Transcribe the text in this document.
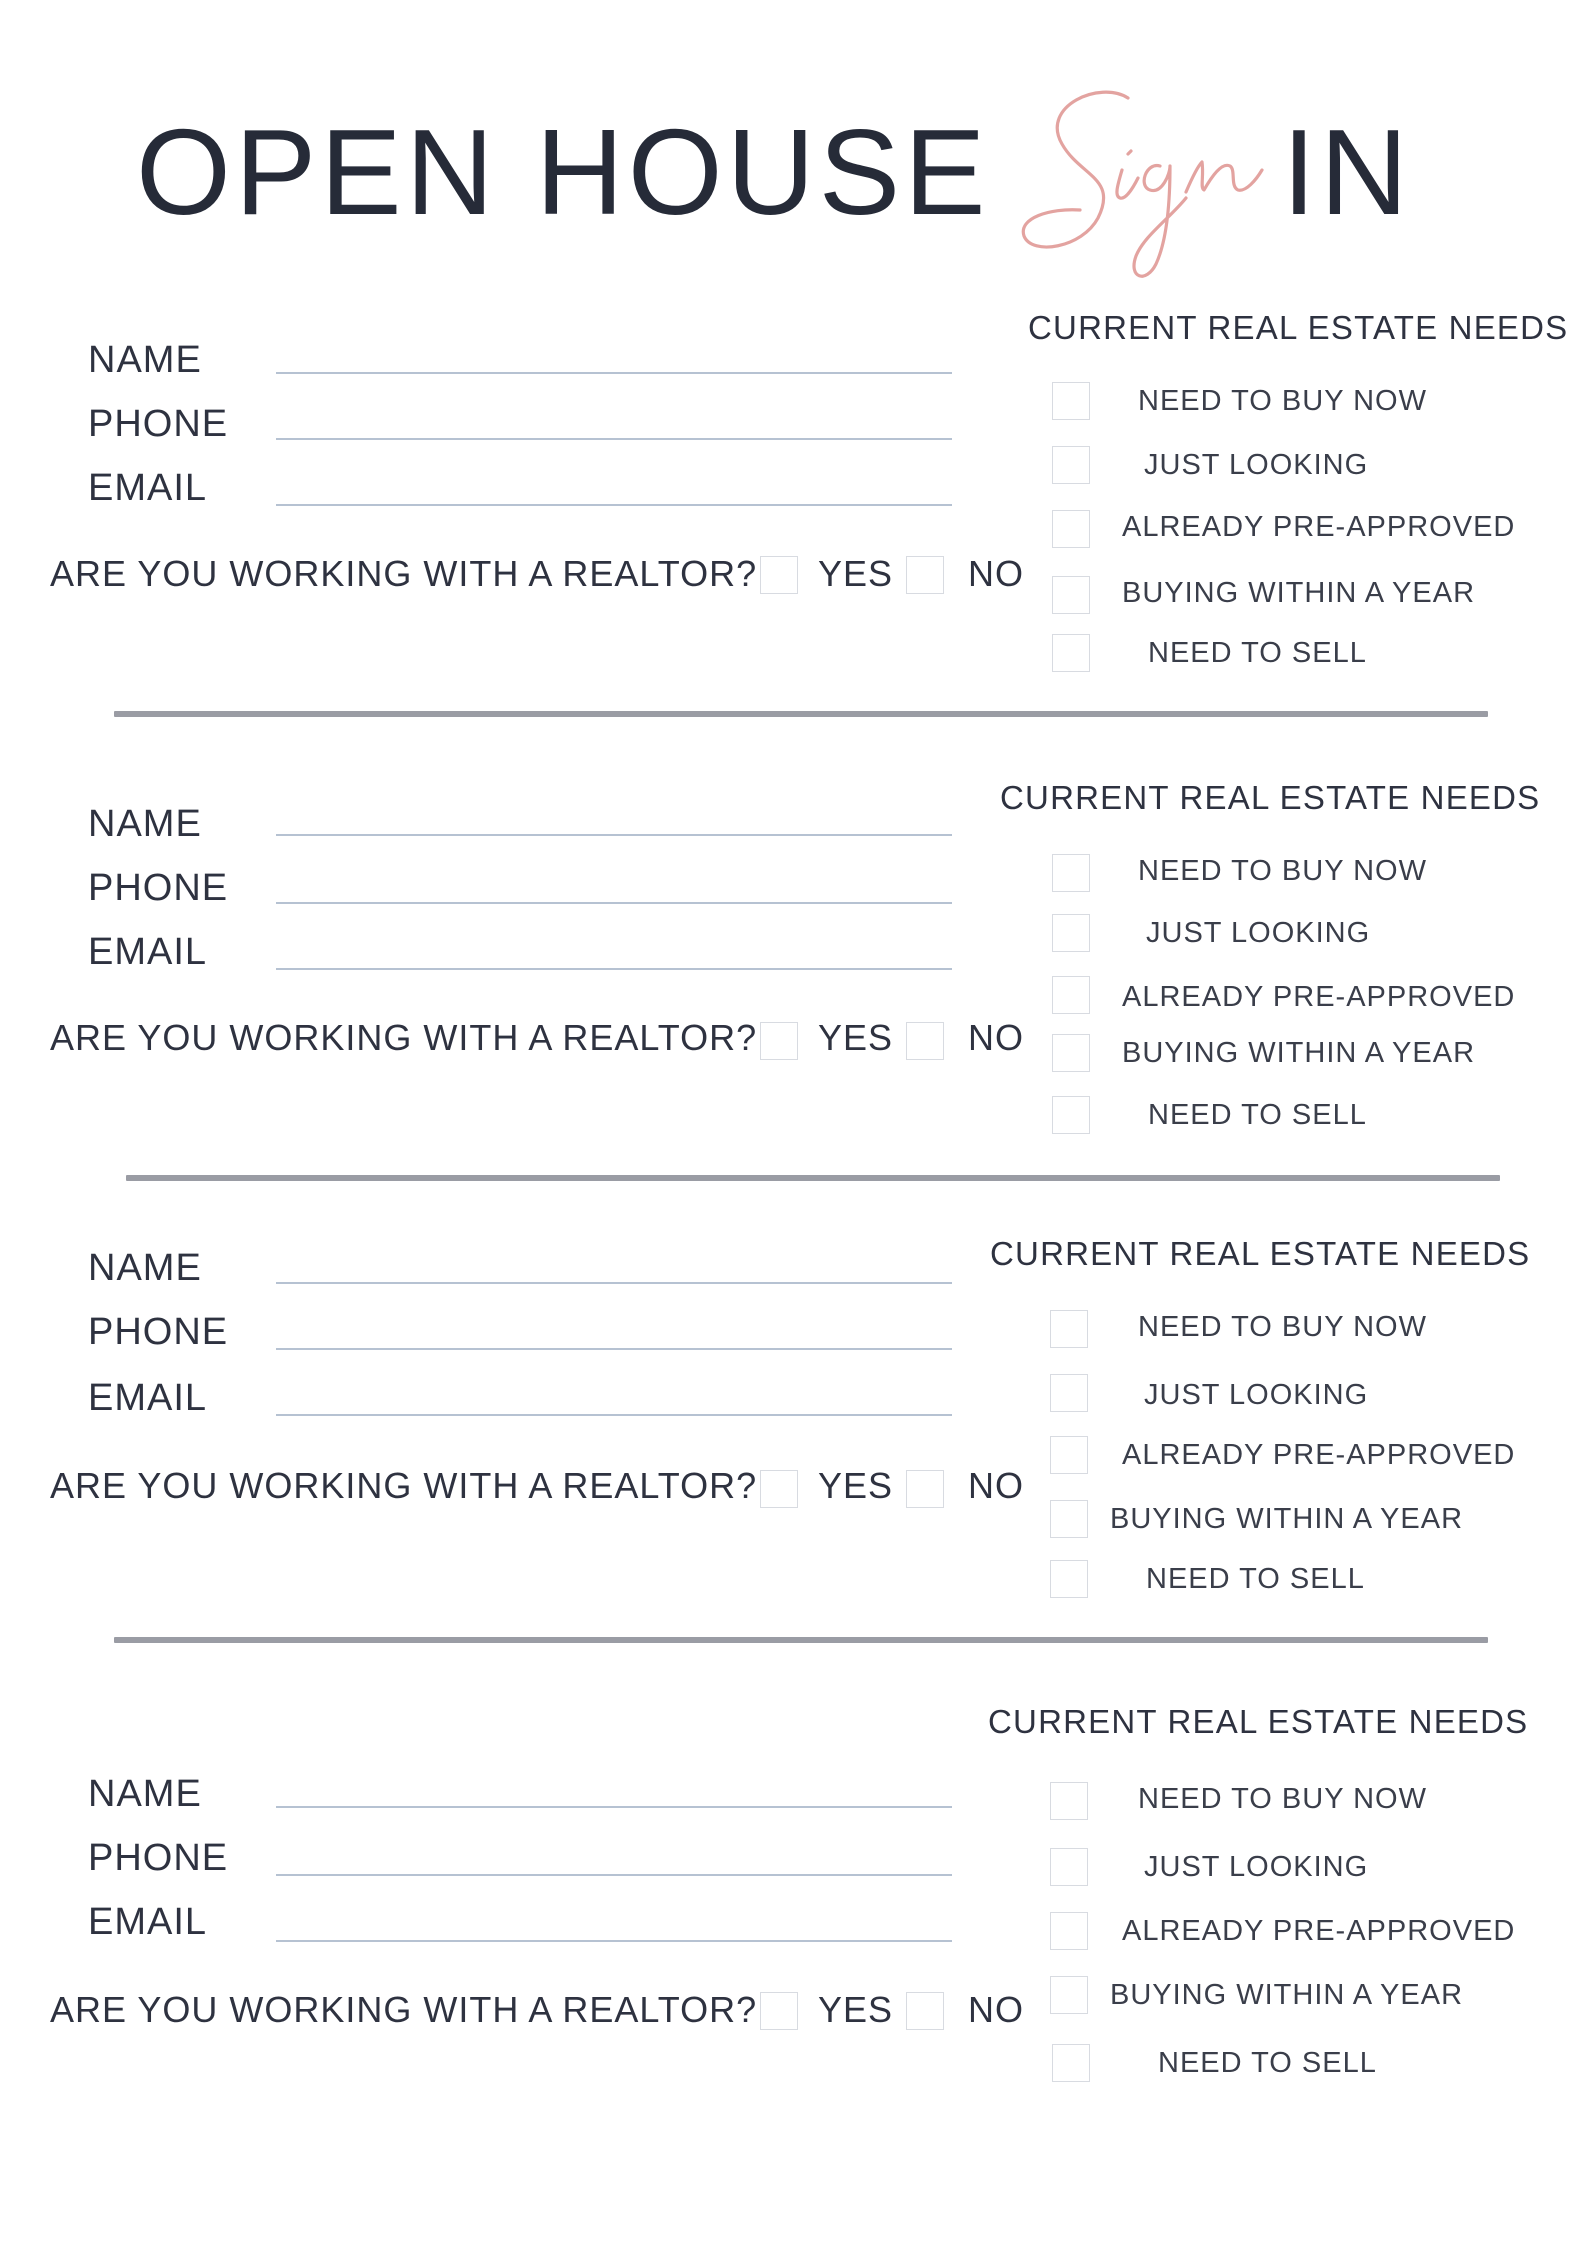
OPEN HOUSE IN
NAME
PHONE
EMAIL
ARE YOU WORKING WITH A REALTOR? YES NO
CURRENT REAL ESTATE NEEDS
NEED TO BUY NOW
JUST LOOKING
ALREADY PRE-APPROVED
BUYING WITHIN A YEAR
NEED TO SELL
NAME
PHONE
EMAIL
ARE YOU WORKING WITH A REALTOR? YES NO
CURRENT REAL ESTATE NEEDS
NEED TO BUY NOW
JUST LOOKING
ALREADY PRE-APPROVED
BUYING WITHIN A YEAR
NEED TO SELL
NAME
PHONE
EMAIL
ARE YOU WORKING WITH A REALTOR? YES NO
CURRENT REAL ESTATE NEEDS
NEED TO BUY NOW
JUST LOOKING
ALREADY PRE-APPROVED
BUYING WITHIN A YEAR
NEED TO SELL
NAME
PHONE
EMAIL
ARE YOU WORKING WITH A REALTOR? YES NO
CURRENT REAL ESTATE NEEDS
NEED TO BUY NOW
JUST LOOKING
ALREADY PRE-APPROVED
BUYING WITHIN A YEAR
NEED TO SELL
